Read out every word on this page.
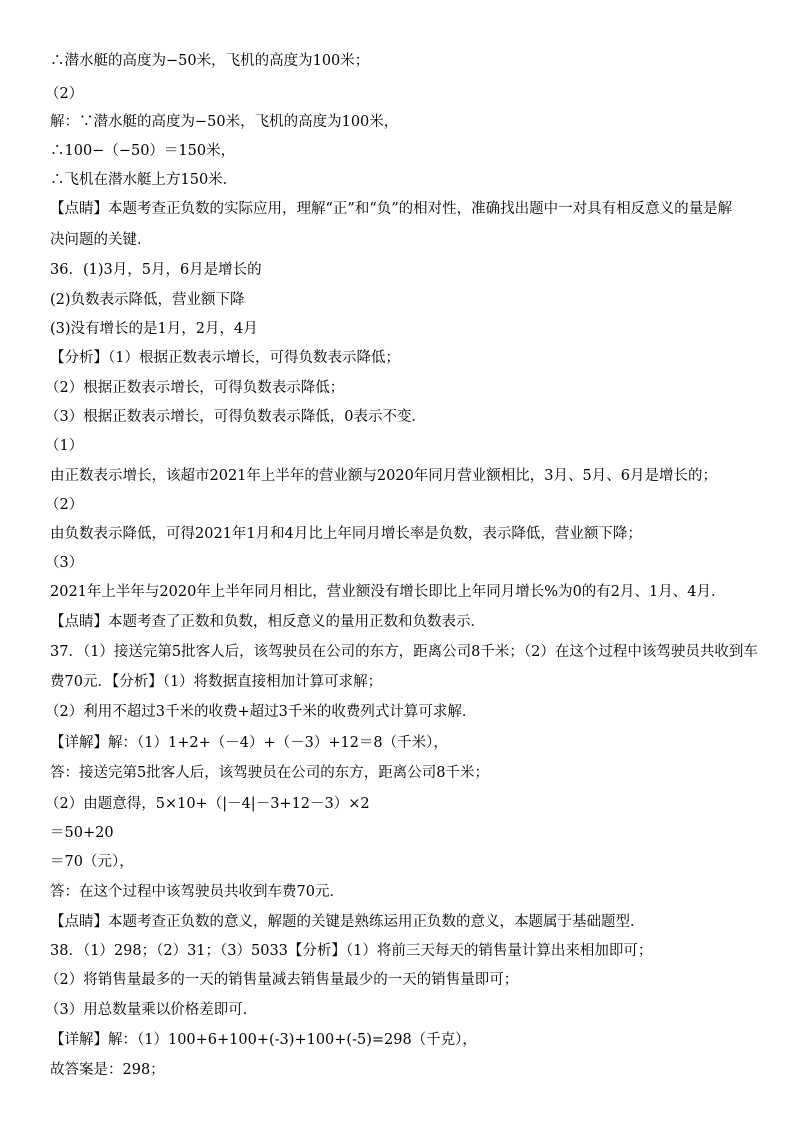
∴潜水艇的高度为−50米，飞机的高度为100米；
（2）
解：∵潜水艇的高度为−50米，飞机的高度为100米，
∴100−（−50）＝150米，
∴飞机在潜水艇上方150米．
【点睛】本题考查正负数的实际应用，理解“正”和“负”的相对性，准确找出题中一对具有相反意义的量是解
决问题的关键．
36．(1)3月，5月，6月是增长的
(2)负数表示降低，营业额下降
(3)没有增长的是1月，2月，4月
【分析】（1）根据正数表示增长，可得负数表示降低；
（2）根据正数表示增长，可得负数表示降低；
（3）根据正数表示增长，可得负数表示降低，0表示不变．
（1）
由正数表示增长，该超市2021年上半年的营业额与2020年同月营业额相比，3月、5月、6月是增长的；
（2）
由负数表示降低，可得2021年1月和4月比上年同月增长率是负数，表示降低，营业额下降；
（3）
2021年上半年与2020年上半年同月相比，营业额没有增长即比上年同月增长%为0的有2月、1月、4月．
【点睛】本题考查了正数和负数，相反意义的量用正数和负数表示．
37．（1）接送完第5批客人后，该驾驶员在公司的东方，距离公司8千米；（2）在这个过程中该驾驶员共收到车
费70元．【分析】（1）将数据直接相加计算可求解；
（2）利用不超过3千米的收费+超过3千米的收费列式计算可求解．
【详解】解：（1）1+2+（－4）+（－3）+12＝8（千米），
答：接送完第5批客人后，该驾驶员在公司的东方，距离公司8千米；
（2）由题意得，5×10+（|－4|－3+12－3）×2
＝50+20
＝70（元），
答：在这个过程中该驾驶员共收到车费70元．
【点睛】本题考查正负数的意义，解题的关键是熟练运用正负数的意义，本题属于基础题型．
38．（1）298；（2）31；（3）5033【分析】（1）将前三天每天的销售量计算出来相加即可；
（2）将销售量最多的一天的销售量减去销售量最少的一天的销售量即可；
（3）用总数量乘以价格差即可．
【详解】解：（1）100+6+100+(-3)+100+(-5)=298（千克），
故答案是：298；
